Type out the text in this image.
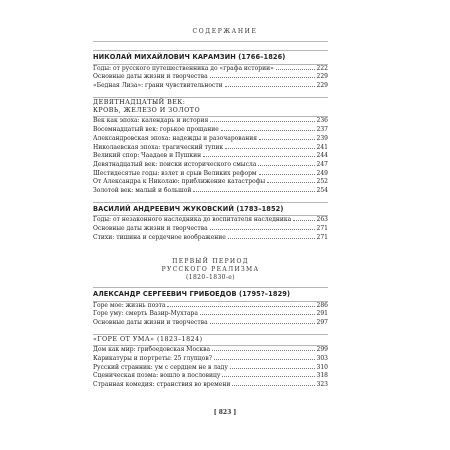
СОДЕРЖАНИЕ
НИКОЛАЙ МИХАЙЛОВИЧ КАРАМЗИН (1766–1826)
Годы: от русского путешественника до «графа истории»	222
Основные даты жизни и творчества	229
«Бедная Лиза»: грани чувствительности	229
ДЕВЯТНАДЦАТЫЙ ВЕК:
КРОВЬ, ЖЕЛЕЗО И ЗОЛОТО
Век как эпоха: календарь и история	236
Восемнадцатый век: горькое прощание	237
Александровская эпоха: надежды и разочарования	239
Николаевская эпоха: трагический тупик	241
Великий спор: Чаадаев и Пушкин	244
Девятнадцатый век: поиски исторического смысла	247
Шестидесятые годы: взлет и срыв Великих реформ	249
От Александра к Николаю: приближение катастрофы	252
Золотой век: малый и большой	254
ВАСИЛИЙ АНДРЕЕВИЧ ЖУКОВСКИЙ (1783–1852)
Годы: от незаконного наследника до воспитателя наследника	263
Основные даты жизни и творчества	271
Стихи: тишина и сердечное воображение	271
ПЕРВЫЙ ПЕРИОД
РУССКОГО РЕАЛИЗМА
(1820–1830-е)
АЛЕКСАНДР СЕРГЕЕВИЧ ГРИБОЕДОВ (1795?–1829)
Горе мое: жизнь поэта	286
Горе уму: смерть Вазир-Мухтара	291
Основные даты жизни и творчества	297
«ГОРЕ ОТ УМА» (1823–1824)
Дом как мир: грибоедовская Москва	299
Карикатуры и портреты: 25 глупцов?	303
Русский странник: ум с сердцем не в ладу	310
Сценическая поэма: вошло в пословицу	318
Странная комедия: странствия во времени	323
[ 823 ]
